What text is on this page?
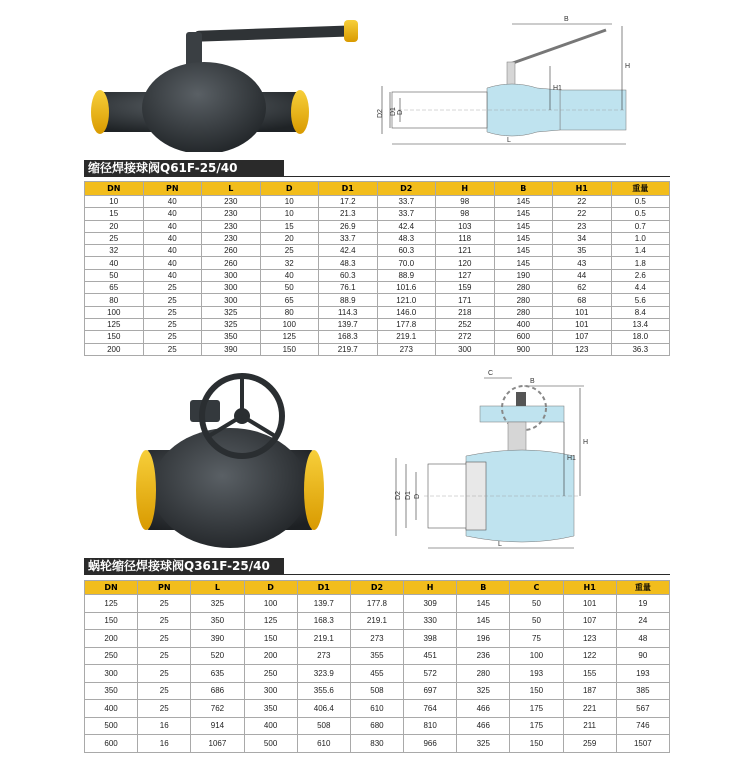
B
H
H1
D2 D1 D
L
缩径焊接球阀Q61F-25/40
DN	PN	L	D	D1	D2	H	B	H1	重量
10	40	230	10	17.2	33.7	98	145	22	0.5
15	40	230	10	21.3	33.7	98	145	22	0.5
20	40	230	15	26.9	42.4	103	145	23	0.7
25	40	230	20	33.7	48.3	118	145	34	1.0
32	40	260	25	42.4	60.3	121	145	35	1.4
40	40	260	32	48.3	70.0	120	145	43	1.8
50	40	300	40	60.3	88.9	127	190	44	2.6
65	25	300	50	76.1	101.6	159	280	62	4.4
80	25	300	65	88.9	121.0	171	280	68	5.6
100	25	325	80	114.3	146.0	218	280	101	8.4
125	25	325	100	139.7	177.8	252	400	101	13.4
150	25	350	125	168.3	219.1	272	600	107	18.0
200	25	390	150	219.7	273	300	900	123	36.3
C
B
H
H1
D2 D1 D
L
蜗轮缩径焊接球阀Q361F-25/40
DN	PN	L	D	D1	D2	H	B	C	H1	重量
125	25	325	100	139.7	177.8	309	145	50	101	19
150	25	350	125	168.3	219.1	330	145	50	107	24
200	25	390	150	219.1	273	398	196	75	123	48
250	25	520	200	273	355	451	236	100	122	90
300	25	635	250	323.9	455	572	280	193	155	193
350	25	686	300	355.6	508	697	325	150	187	385
400	25	762	350	406.4	610	764	466	175	221	567
500	16	914	400	508	680	810	466	175	211	746
600	16	1067	500	610	830	966	325	150	259	1507
